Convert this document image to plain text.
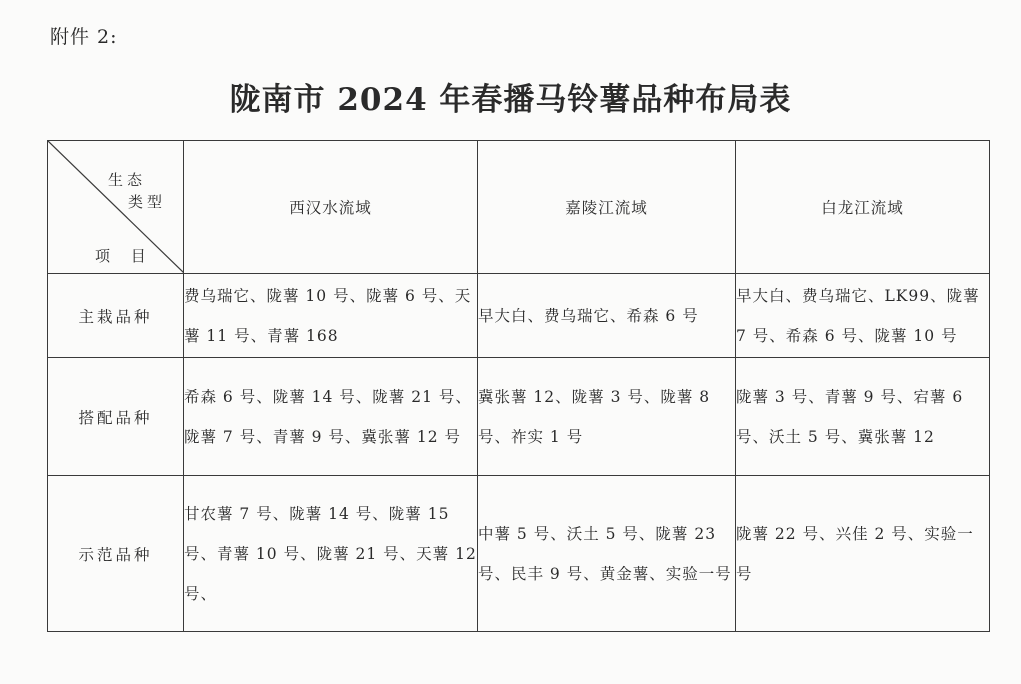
附件 2:
陇南市 2024 年春播马铃薯品种布局表
生态
类型
项 目	西汉水流域	嘉陵江流域	白龙江流域
主栽品种	费乌瑞它、陇薯 10 号、陇薯 6 号、天薯 11 号、青薯 168	早大白、费乌瑞它、希森 6 号	早大白、费乌瑞它、LK99、陇薯 7 号、希森 6 号、陇薯 10 号
搭配品种	希森 6 号、陇薯 14 号、陇薯 21 号、陇薯 7 号、青薯 9 号、冀张薯 12 号	冀张薯 12、陇薯 3 号、陇薯 8 号、祚实 1 号	陇薯 3 号、青薯 9 号、宕薯 6 号、沃土 5 号、冀张薯 12
示范品种	甘农薯 7 号、陇薯 14 号、陇薯 15 号、青薯 10 号、陇薯 21 号、天薯 12 号、	中薯 5 号、沃土 5 号、陇薯 23 号、民丰 9 号、黄金薯、实验一号	陇薯 22 号、兴佳 2 号、实验一号
